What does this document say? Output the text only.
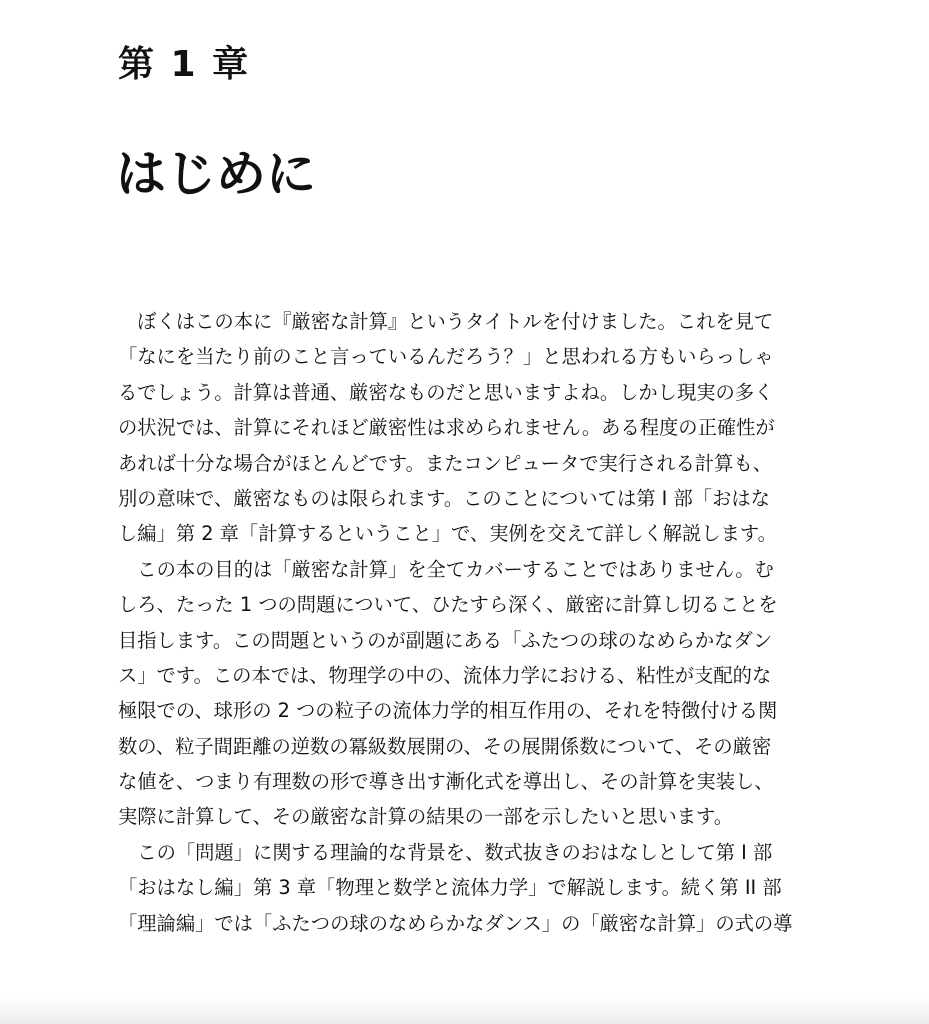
第 1 章
はじめに
ぼくはこの本に『厳密な計算』というタイトルを付けました。これを見て
「なにを当たり前のこと言っているんだろう？」と思われる方もいらっしゃ
るでしょう。計算は普通、厳密なものだと思いますよね。しかし現実の多く
の状況では、計算にそれほど厳密性は求められません。ある程度の正確性が
あれば十分な場合がほとんどです。またコンピュータで実行される計算も、
別の意味で、厳密なものは限られます。このことについては第 I 部「おはな
し編」第 2 章「計算するということ」で、実例を交えて詳しく解説します。
この本の目的は「厳密な計算」を全てカバーすることではありません。む
しろ、たった 1 つの問題について、ひたすら深く、厳密に計算し切ることを
目指します。この問題というのが副題にある「ふたつの球のなめらかなダン
ス」です。この本では、物理学の中の、流体力学における、粘性が支配的な
極限での、球形の 2 つの粒子の流体力学的相互作用の、それを特徴付ける関
数の、粒子間距離の逆数の冪級数展開の、その展開係数について、その厳密
な値を、つまり有理数の形で導き出す漸化式を導出し、その計算を実装し、
実際に計算して、その厳密な計算の結果の一部を示したいと思います。
この「問題」に関する理論的な背景を、数式抜きのおはなしとして第 I 部
「おはなし編」第 3 章「物理と数学と流体力学」で解説します。続く第 II 部
「理論編」では「ふたつの球のなめらかなダンス」の「厳密な計算」の式の導
